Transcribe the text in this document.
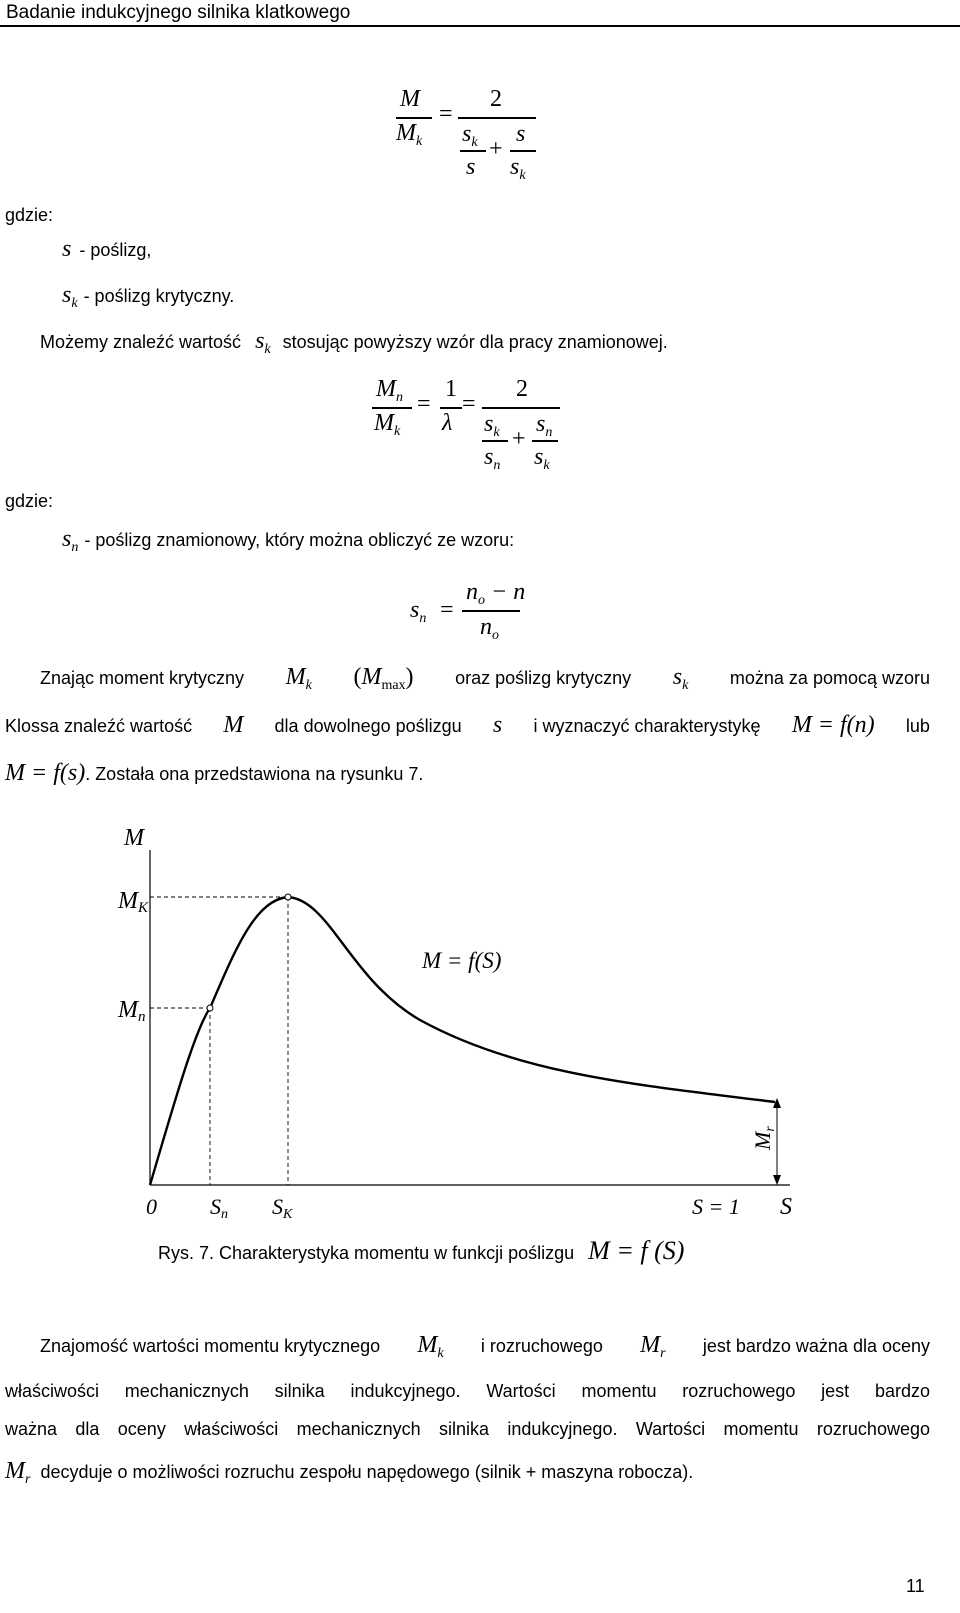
Badanie indukcyjnego silnika klatkowego
M
$M_k$
=
2
$s_k$
s
+
s
$s_k$
gdzie:
s - poślizg,
sk - poślizg krytyczny.
Możemy znaleźć wartość sk stosując powyższy wzór dla pracy znamionowej.
$M_n$
$M_k$
=
1
λ
=
2
$s_k$
$s_n$
+
$s_n$
$s_k$
gdzie:
sn - poślizg znamionowy, który można obliczyć ze wzoru:
$s_n$ =
$n_o - n$
$n_o$
Znając moment krytyczny Mk (Mmax) oraz poślizg krytyczny sk można za pomocą wzoru
Klossa znaleźć wartość M dla dowolnego poślizgu s i wyznaczyć charakterystykę M = f(n) lub
M = f(s). Została ona przedstawiona na rysunku 7.
M
MK
Mn
M = f(S)
Mr
0 Sn SK	S = 1 S
Rys. 7. Charakterystyka momentu w funkcji poślizgu M = f (S)
Znajomość wartości momentu krytycznego Mk i rozruchowego Mr jest bardzo ważna dla oceny
właściwości mechanicznych silnika indukcyjnego. Wartości momentu rozruchowego jest bardzo
ważna dla oceny właściwości mechanicznych silnika indukcyjnego. Wartości momentu rozruchowego
Mr decyduje o możliwości rozruchu zespołu napędowego (silnik + maszyna robocza).
11
